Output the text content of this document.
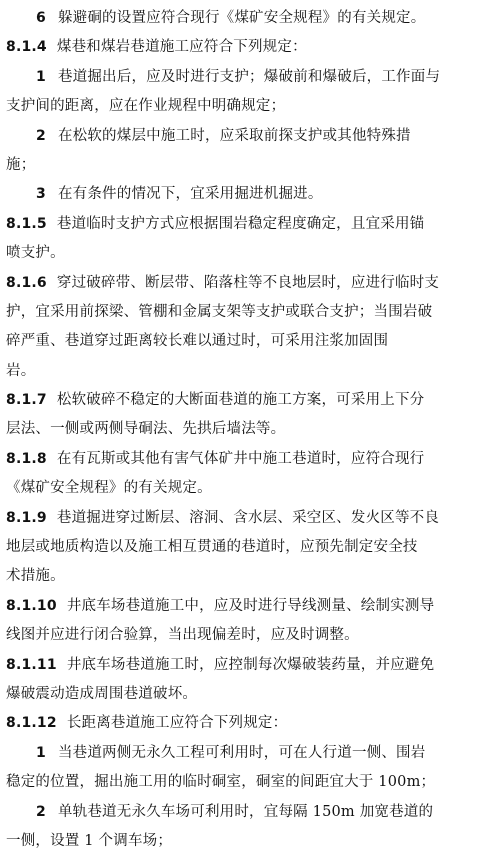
6 躲避硐的设置应符合现行《煤矿安全规程》的有关规定。
8.1.4 煤巷和煤岩巷道施工应符合下列规定：
1 巷道掘出后，应及时进行支护；爆破前和爆破后，工作面与
支护间的距离，应在作业规程中明确规定；
2 在松软的煤层中施工时，应采取前探支护或其他特殊措
施；
3 在有条件的情况下，宜采用掘进机掘进。
8.1.5 巷道临时支护方式应根据围岩稳定程度确定，且宜采用锚
喷支护。
8.1.6 穿过破碎带、断层带、陷落柱等不良地层时，应进行临时支
护，宜采用前探梁、管棚和金属支架等支护或联合支护；当围岩破
碎严重、巷道穿过距离较长难以通过时，可采用注浆加固围
岩。
8.1.7 松软破碎不稳定的大断面巷道的施工方案，可采用上下分
层法、一侧或两侧导硐法、先拱后墙法等。
8.1.8 在有瓦斯或其他有害气体矿井中施工巷道时，应符合现行
《煤矿安全规程》的有关规定。
8.1.9 巷道掘进穿过断层、溶洞、含水层、采空区、发火区等不良
地层或地质构造以及施工相互贯通的巷道时，应预先制定安全技
术措施。
8.1.10 井底车场巷道施工中，应及时进行导线测量、绘制实测导
线图并应进行闭合验算，当出现偏差时，应及时调整。
8.1.11 井底车场巷道施工时，应控制每次爆破装药量，并应避免
爆破震动造成周围巷道破坏。
8.1.12 长距离巷道施工应符合下列规定：
1 当巷道两侧无永久工程可利用时，可在人行道一侧、围岩
稳定的位置，掘出施工用的临时硐室，硐室的间距宜大于 100m；
2 单轨巷道无永久车场可利用时，宜每隔 150m 加宽巷道的
一侧，设置 1 个调车场；
